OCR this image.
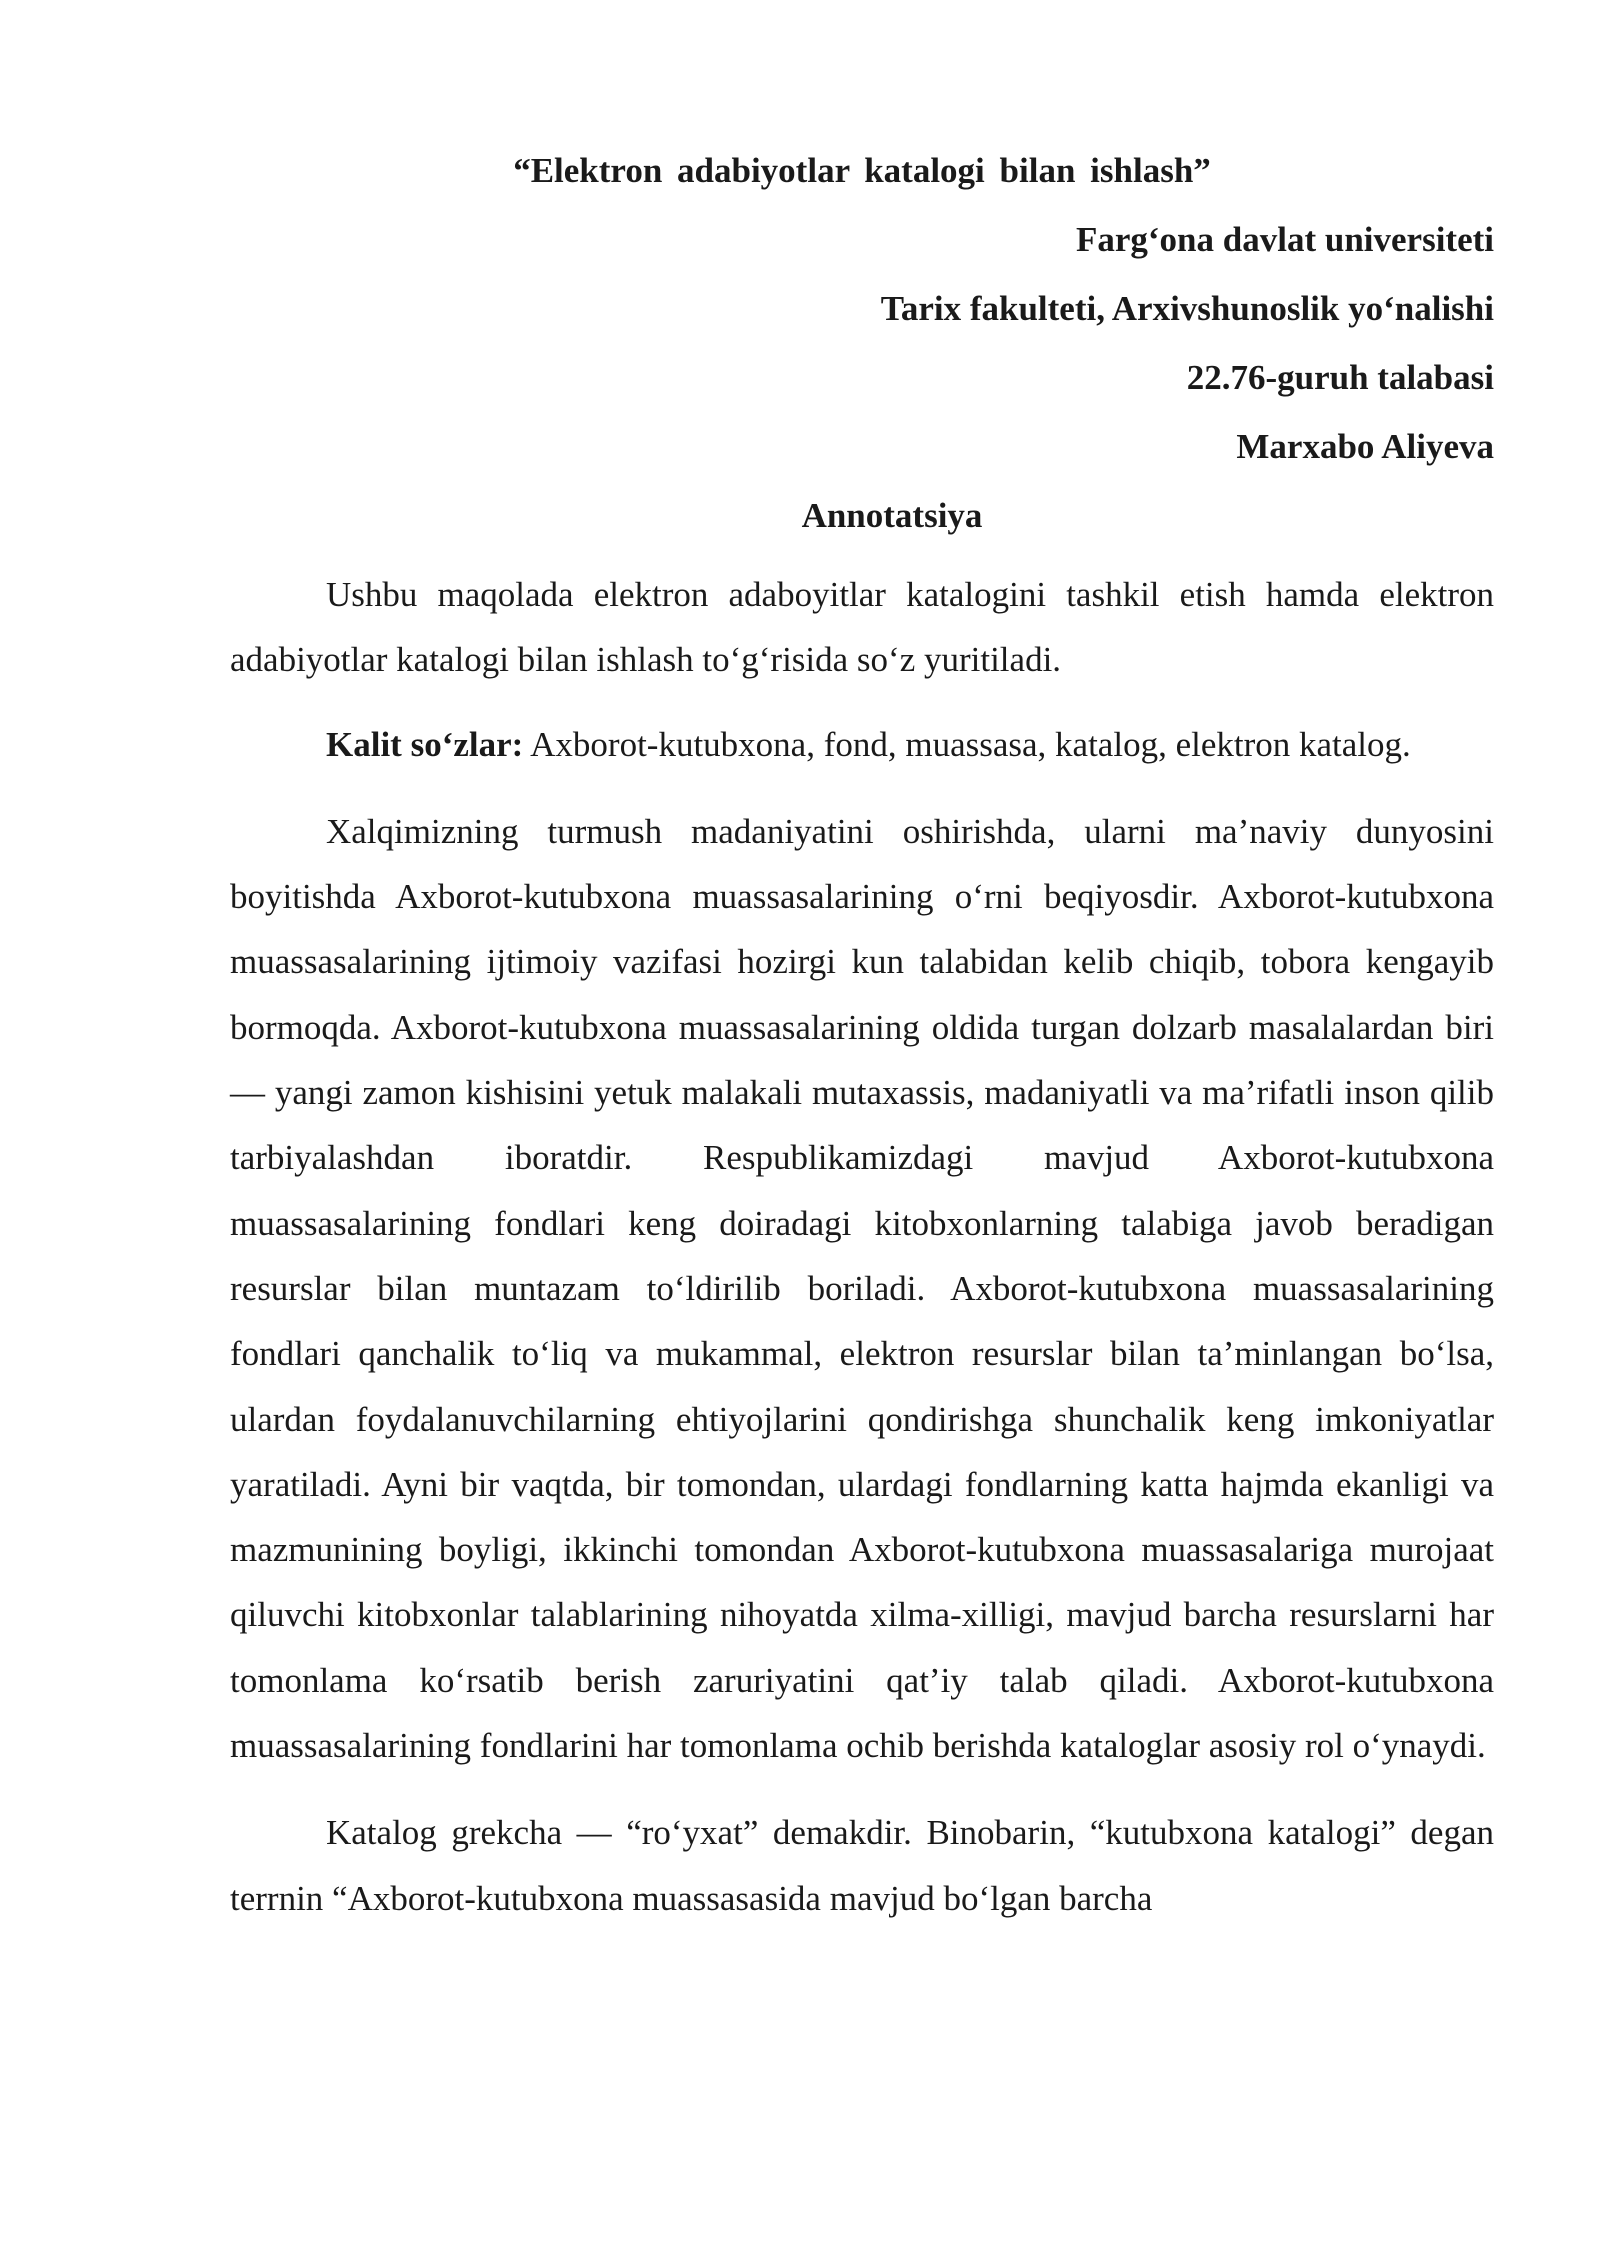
“Elektron adabiyotlar katalogi bilan ishlash”
Farg‘ona davlat universiteti
Tarix fakulteti, Arxivshunoslik yo‘nalishi
22.76-guruh talabasi
Marxabo Aliyeva
Annotatsiya

Ushbu maqolada elektron adaboyitlar katalogini tashkil etish hamda elektron adabiyotlar katalogi bilan ishlash to‘g‘risida so‘z yuritiladi.

Kalit so‘zlar: Axborot-kutubxona, fond, muassasa, katalog, elektron katalog.

Xalqimizning turmush madaniyatini oshirishda, ularni ma’naviy dunyosini boyitishda Axborot-kutubxona muassasalarining o‘rni beqiyosdir. Axborot-kutubxona muassasalarining ijtimoiy vazifasi hozirgi kun talabidan kelib chiqib, tobora kengayib bormoqda. Axborot-kutubxona muassasalarining oldida turgan dolzarb masalalardan biri — yangi zamon kishisini yetuk malakali mutaxassis, madaniyatli va ma’rifatli inson qilib tarbiyalashdan iboratdir. Respublikamizdagi mavjud Axborot-kutubxona muassasalarining fondlari keng doiradagi kitobxonlarning talabiga javob beradigan resurslar bilan muntazam to‘ldirilib boriladi. Axborot-kutubxona muassasalarining fondlari qanchalik to‘liq va mukammal, elektron resurslar bilan ta’minlangan bo‘lsa, ulardan foydalanuvchilarning ehtiyojlarini qondirishga shunchalik keng imkoniyatlar yaratiladi. Ayni bir vaqtda, bir tomondan, ulardagi fondlarning katta hajmda ekanligi va mazmunining boyligi, ikkinchi tomondan Axborot-kutubxona muassasalariga murojaat qiluvchi kitobxonlar talablarining nihoyatda xilma-xilligi, mavjud barcha resurslarni har tomonlama ko‘rsatib berish zaruriyatini qat’iy talab qiladi. Axborot-kutubxona muassasalarining fondlarini har tomonlama ochib berishda kataloglar asosiy rol o‘ynaydi.

Katalog grekcha — “ro‘yxat” demakdir. Binobarin, “kutubxona katalogi” degan terrnin “Axborot-kutubxona muassasasida mavjud bo‘lgan barcha
